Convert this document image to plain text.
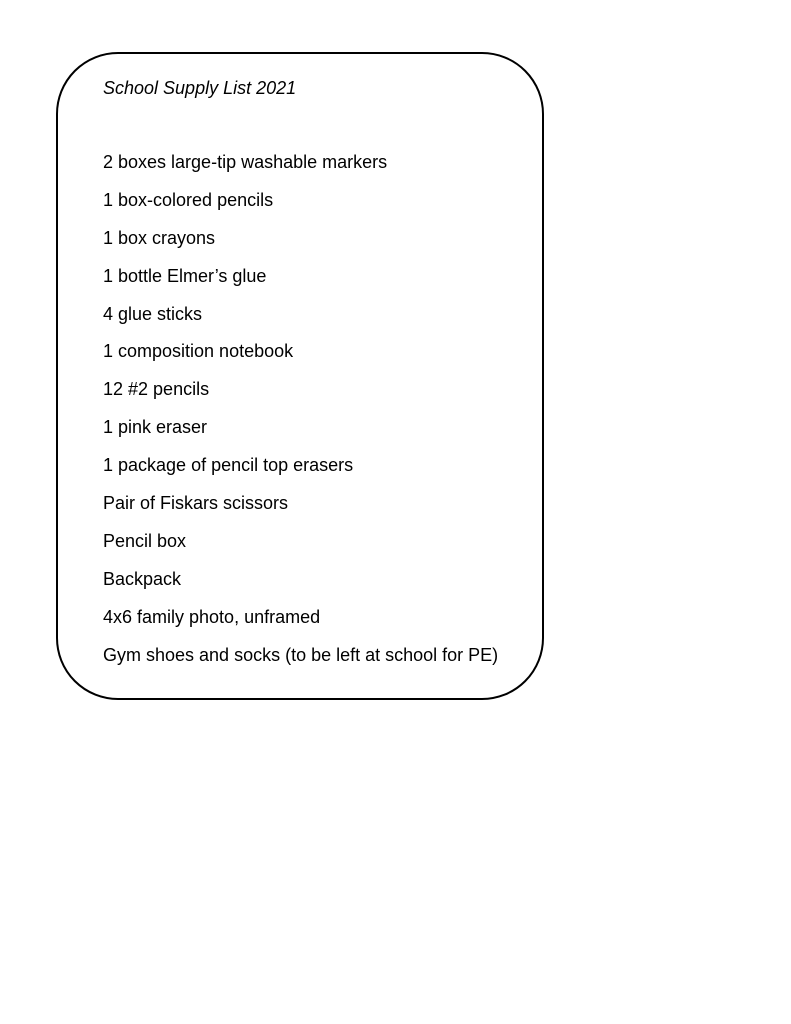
School Supply List 2021
2 boxes large-tip washable markers
1 box-colored pencils
1 box crayons
1 bottle Elmer’s glue
4 glue sticks
1 composition notebook
12 #2 pencils
1 pink eraser
1 package of pencil top erasers
Pair of Fiskars scissors
Pencil box
Backpack
4x6 family photo, unframed
Gym shoes and socks (to be left at school for PE)
